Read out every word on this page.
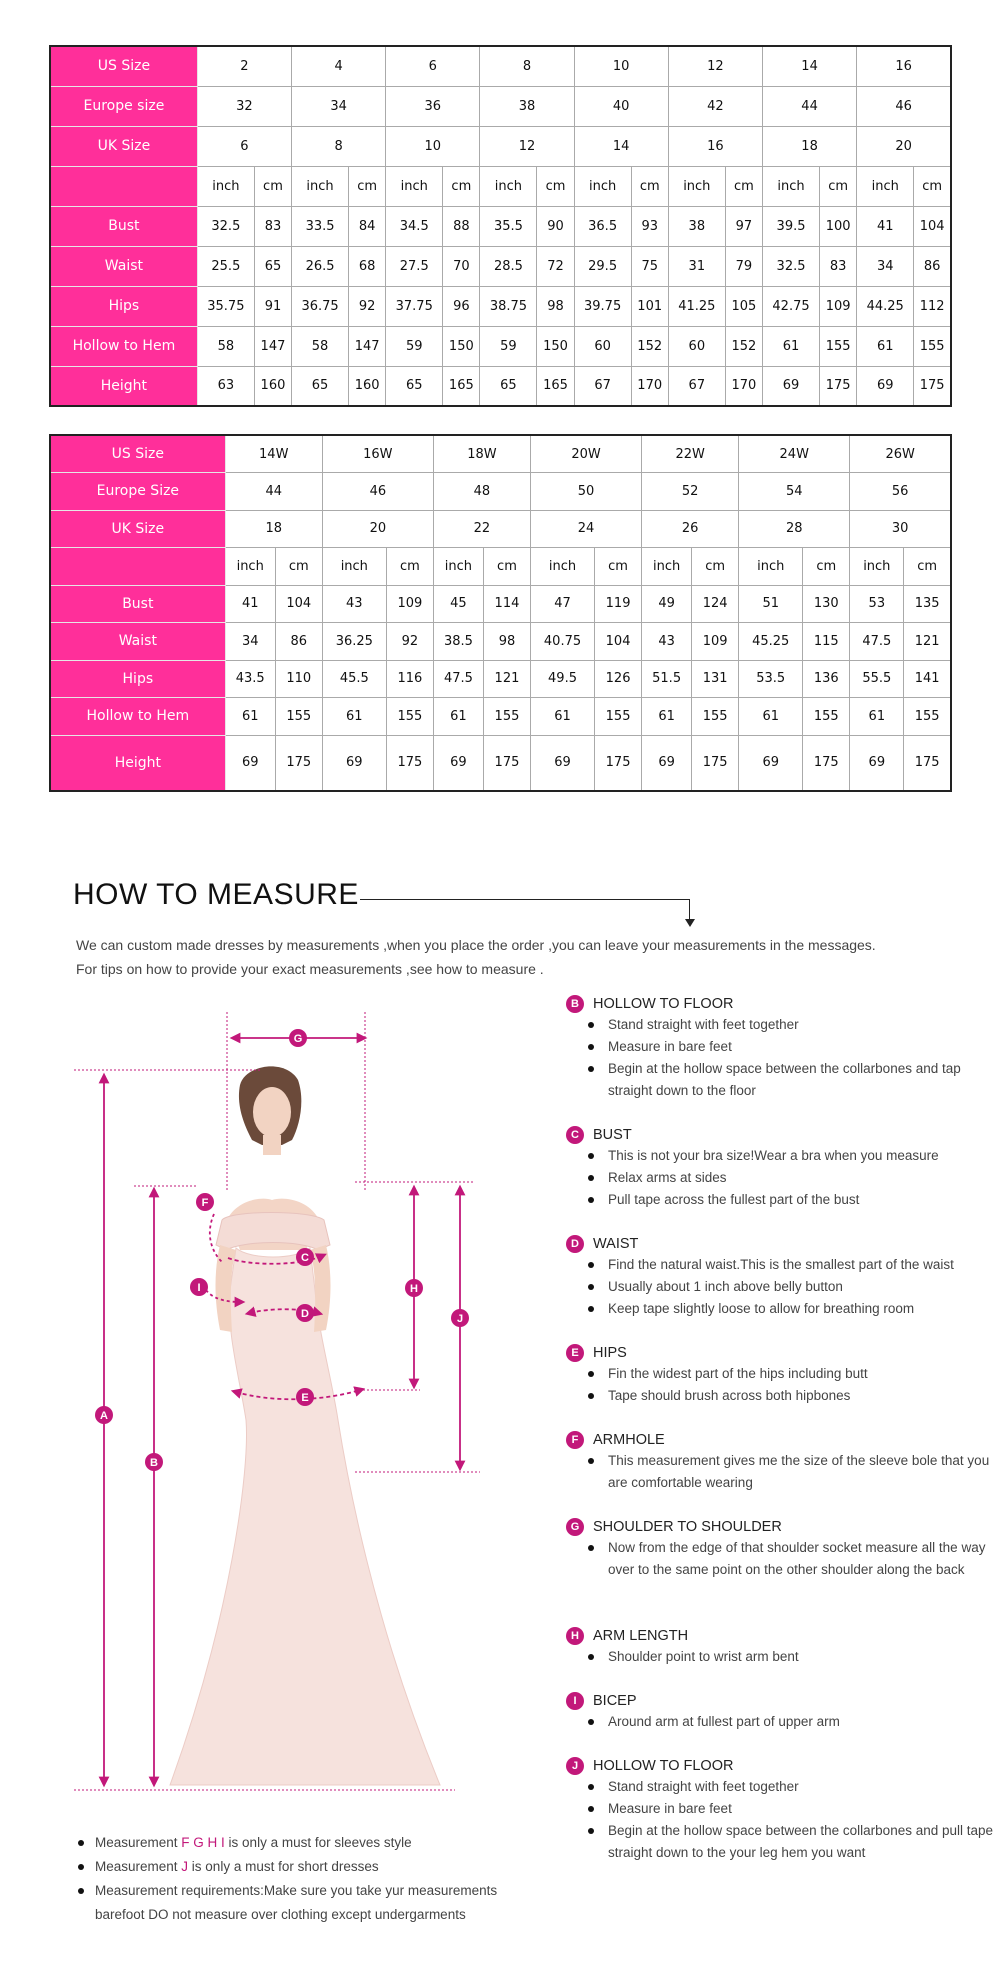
US Size	2		4		6		8		10		12		14		16	
Europe size	32		34		36		38		40		42		44		46	
UK Size	6		8		10		12		14		16		18		20	
	inch	cm	inch	cm	inch	cm	inch	cm	inch	cm	inch	cm	inch	cm	inch	cm
Bust	32.5	83	33.5	84	34.5	88	35.5	90	36.5	93	38	97	39.5	100	41	104
Waist	25.5	65	26.5	68	27.5	70	28.5	72	29.5	75	31	79	32.5	83	34	86
Hips	35.75	91	36.75	92	37.75	96	38.75	98	39.75	101	41.25	105	42.75	109	44.25	112
Hollow to Hem	58	147	58	147	59	150	59	150	60	152	60	152	61	155	61	155
Height	63	160	65	160	65	165	65	165	67	170	67	170	69	175	69	175
US Size	14W		16W		18W		20W		22W		24W		26W	
Europe Size	44		46		48		50		52		54		56	
UK Size	18		20		22		24		26		28		30	
	inch	cm	inch	cm	inch	cm	inch	cm	inch	cm	inch	cm	inch	cm
Bust	41	104	43	109	45	114	47	119	49	124	51	130	53	135
Waist	34	86	36.25	92	38.5	98	40.75	104	43	109	45.25	115	47.5	121
Hips	43.5	110	45.5	116	47.5	121	49.5	126	51.5	131	53.5	136	55.5	141
Hollow to Hem	61	155	61	155	61	155	61	155	61	155	61	155	61	155
Height	69	175	69	175	69	175	69	175	69	175	69	175	69	175
HOW TO MEASURE
We can custom made dresses by measurements ,when you place the order ,you can leave your measurements in the messages.
For tips on how to provide your exact measurements ,see how to measure .
A
B
C
D
E
F
G
H
I
J
B HOLLOW TO FLOOR
Stand straight with feet together
Measure in bare feet
Begin at the hollow space between the collarbones and tap straight down to the floor
C BUST
This is not your bra size!Wear a bra when you measure
Relax arms at sides
Pull tape across the fullest part of the bust
D WAIST
Find the natural waist.This is the smallest part of the waist
Usually about 1 inch above belly button
Keep tape slightly loose to allow for breathing room
E HIPS
Fin the widest part of the hips including butt
Tape should brush across both hipbones
F	ARMHOLE
This measurement gives me the size of the sleeve bole that you are comfortable wearing
G SHOULDER TO SHOULDER
Now from the edge of that shoulder socket measure all the way over to the same point on the other shoulder along the back
H ARM LENGTH
Shoulder point to wrist arm bent
I	BICEP
Around arm at fullest part of upper arm
J	HOLLOW TO FLOOR
Stand straight with feet together
Measure in bare feet
Begin at the hollow space between the collarbones and pull tape straight down to the your leg hem you want
Measurement F G H I is only a must for sleeves style
Measurement J is only a must for short dresses
Measurement requirements:Make sure you take yur measurements barefoot DO not measure over clothing except undergarments
